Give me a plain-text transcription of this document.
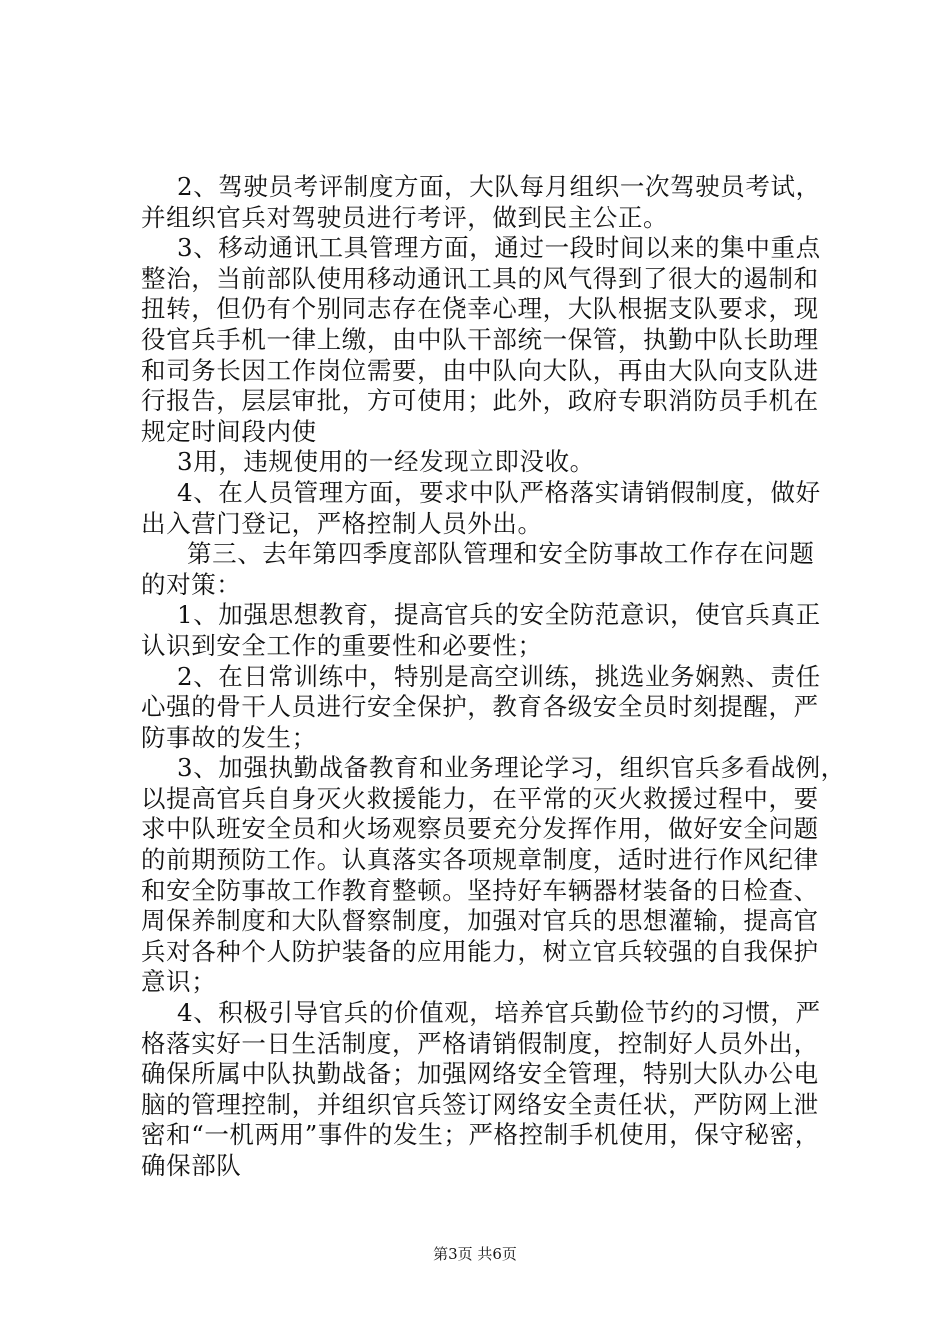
2、驾驶员考评制度方面，大队每月组织一次驾驶员考试，
并组织官兵对驾驶员进行考评，做到民主公正。
3、移动通讯工具管理方面，通过一段时间以来的集中重点
整治，当前部队使用移动通讯工具的风气得到了很大的遏制和
扭转，但仍有个别同志存在侥幸心理，大队根据支队要求，现
役官兵手机一律上缴，由中队干部统一保管，执勤中队长助理
和司务长因工作岗位需要，由中队向大队，再由大队向支队进
行报告，层层审批，方可使用；此外，政府专职消防员手机在
规定时间段内使
3用，违规使用的一经发现立即没收。
4、在人员管理方面，要求中队严格落实请销假制度，做好
出入营门登记，严格控制人员外出。
第三、去年第四季度部队管理和安全防事故工作存在问题
的对策：
1、加强思想教育，提高官兵的安全防范意识，使官兵真正
认识到安全工作的重要性和必要性；
2、在日常训练中，特别是高空训练，挑选业务娴熟、责任
心强的骨干人员进行安全保护，教育各级安全员时刻提醒，严
防事故的发生；
3、加强执勤战备教育和业务理论学习，组织官兵多看战例，
以提高官兵自身灭火救援能力，在平常的灭火救援过程中，要
求中队班安全员和火场观察员要充分发挥作用，做好安全问题
的前期预防工作。认真落实各项规章制度，适时进行作风纪律
和安全防事故工作教育整顿。坚持好车辆器材装备的日检查、
周保养制度和大队督察制度，加强对官兵的思想灌输，提高官
兵对各种个人防护装备的应用能力，树立官兵较强的自我保护
意识；
4、积极引导官兵的价值观，培养官兵勤俭节约的习惯，严
格落实好一日生活制度，严格请销假制度，控制好人员外出，
确保所属中队执勤战备；加强网络安全管理，特别大队办公电
脑的管理控制，并组织官兵签订网络安全责任状，严防网上泄
密和“一机两用”事件的发生；严格控制手机使用，保守秘密，
确保部队
第3页 共6页
